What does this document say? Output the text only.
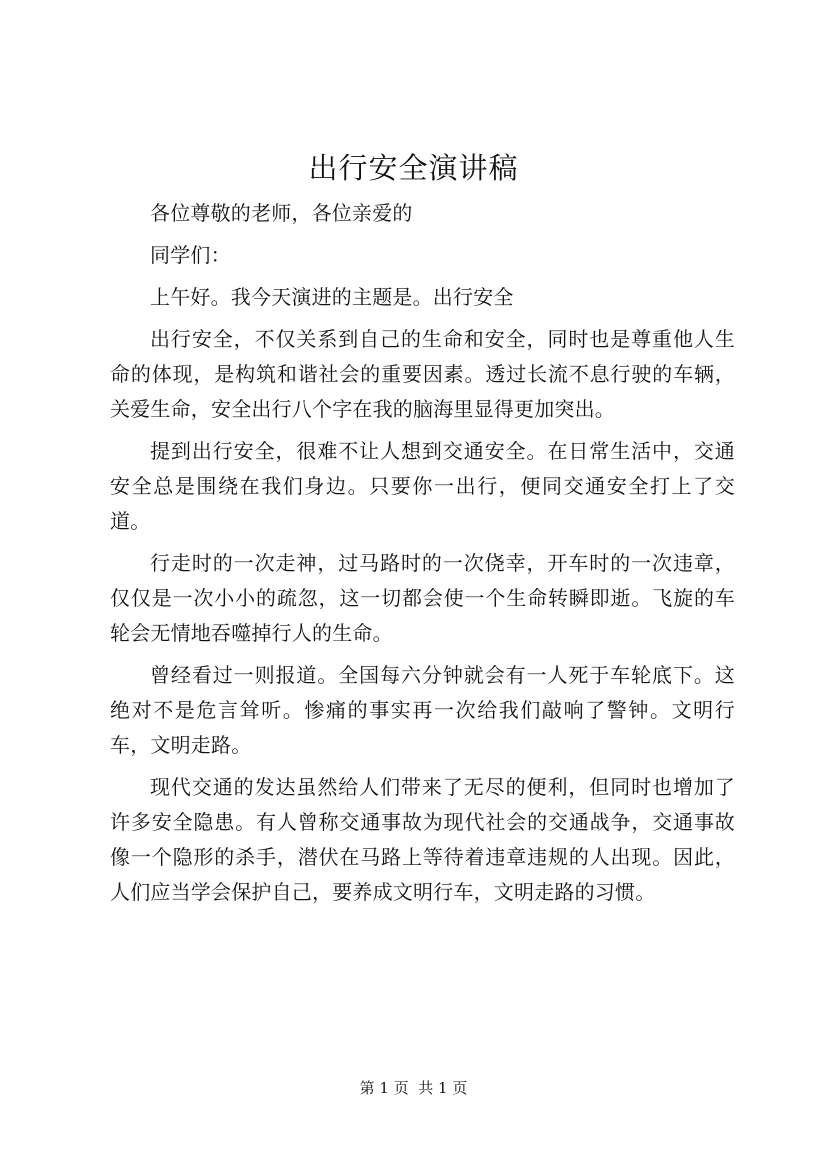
出行安全演讲稿

各位尊敬的老师，各位亲爱的

同学们：

上午好。我今天演进的主题是。出行安全

出行安全，不仅关系到自己的生命和安全，同时也是尊重他人生命的体现，是构筑和谐社会的重要因素。透过长流不息行驶的车辆，关爱生命，安全出行八个字在我的脑海里显得更加突出。

提到出行安全，很难不让人想到交通安全。在日常生活中，交通安全总是围绕在我们身边。只要你一出行，便同交通安全打上了交道。

行走时的一次走神，过马路时的一次侥幸，开车时的一次违章，仅仅是一次小小的疏忽，这一切都会使一个生命转瞬即逝。飞旋的车轮会无情地吞噬掉行人的生命。

曾经看过一则报道。全国每六分钟就会有一人死于车轮底下。这绝对不是危言耸听。惨痛的事实再一次给我们敲响了警钟。文明行车，文明走路。

现代交通的发达虽然给人们带来了无尽的便利，但同时也增加了许多安全隐患。有人曾称交通事故为现代社会的交通战争，交通事故像一个隐形的杀手，潜伏在马路上等待着违章违规的人出现。因此，人们应当学会保护自己，要养成文明行车，文明走路的习惯。

第 1 页  共 1 页
